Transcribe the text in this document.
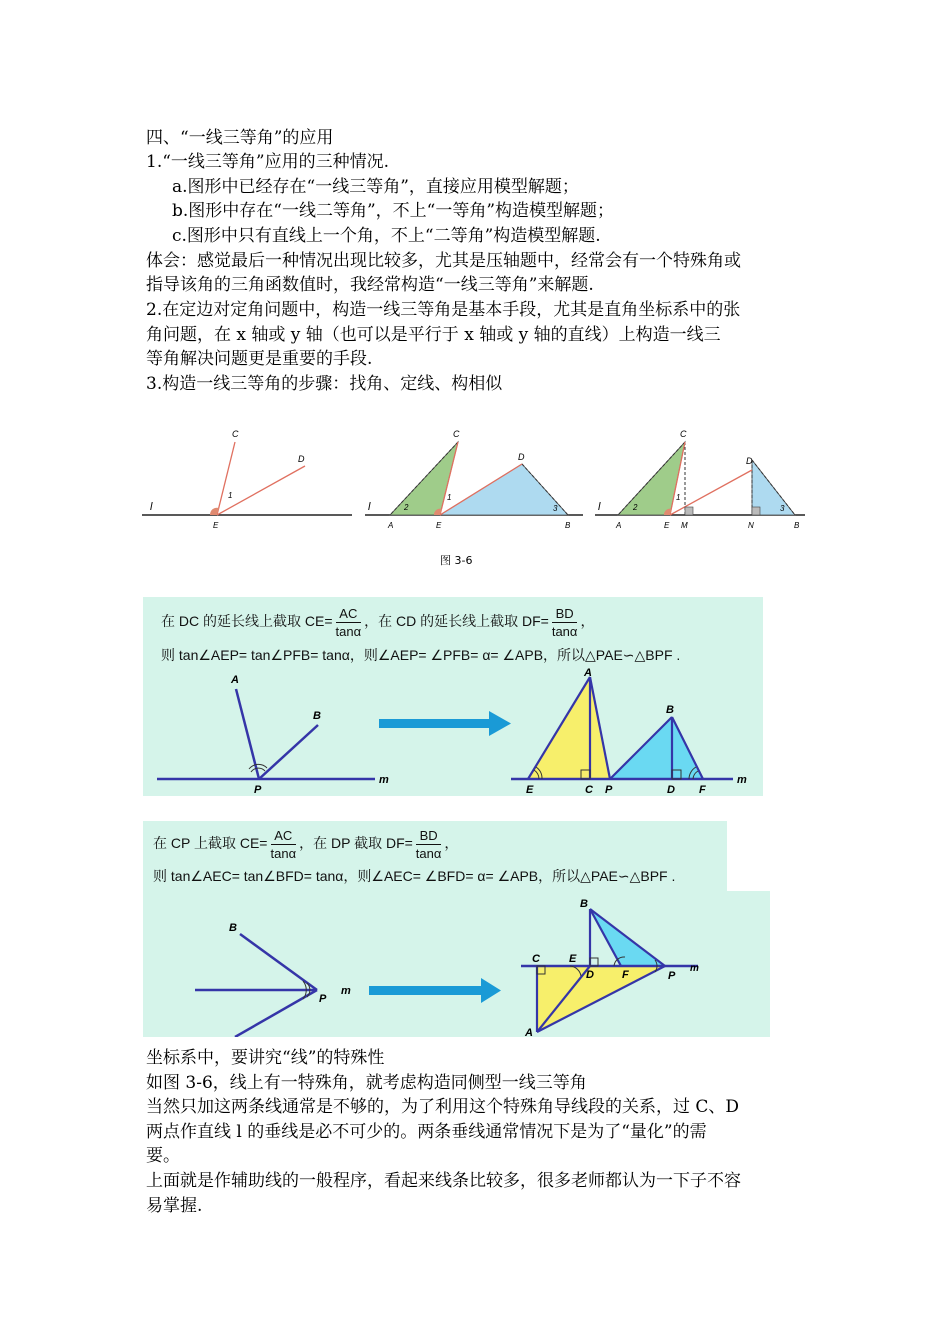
四、“一线三等角”的应用
1.“一线三等角”应用的三种情况.
a.图形中已经存在“一线三等角”，直接应用模型解题；
b.图形中存在“一线二等角”，不上“一等角”构造模型解题；
c.图形中只有直线上一个角，不上“二等角”构造模型解题.
体会：感觉最后一种情况出现比较多，尤其是压轴题中，经常会有一个特殊角或
指导该角的三角函数值时，我经常构造“一线三等角”来解题.
2.在定边对定角问题中，构造一线三等角是基本手段，尤其是直角坐标系中的张
角问题，在 x 轴或 y 轴（也可以是平行于 x 轴或 y 轴的直线）上构造一线三
等角解决问题更是重要的手段.
3.构造一线三等角的步骤：找角、定线、构相似
C
D
1
l
E
C
D
1
2	3
l
A	E	B
C
D
1
2	3
l
A	E M	N	B
图 3-6
在 DC 的延长线上截取 $CE= \frac{AC}{\tan\alpha}$ ，在 CD 的延长线上截取 $DF= \frac{BD}{\tan\alpha}$ ，
则 tan∠AEP= tan∠PFB= tanα，则∠AEP= ∠PFB= α= ∠APB，所以△PAE∽△BPF .
A
B
P
m
A
B
E	C P	D F
m
在 CP 上截取 $CE= \frac{AC}{\tan\alpha}$ ，在 DP 截取 $DF= \frac{BD}{\tan\alpha}$ ，
则 tan∠AEC= tan∠BFD= tanα，则∠AEC= ∠BFD= α= ∠APB，所以△PAE∽△BPF .
B
P
m
B
C	E
D	F	P
m
A
坐标系中，要讲究“线”的特殊性
如图 3-6，线上有一特殊角，就考虑构造同侧型一线三等角
当然只加这两条线通常是不够的，为了利用这个特殊角导线段的关系，过 C、D
两点作直线 l 的垂线是必不可少的。两条垂线通常情况下是为了“量化”的需
要。
上面就是作辅助线的一般程序，看起来线条比较多，很多老师都认为一下子不容
易掌握.
